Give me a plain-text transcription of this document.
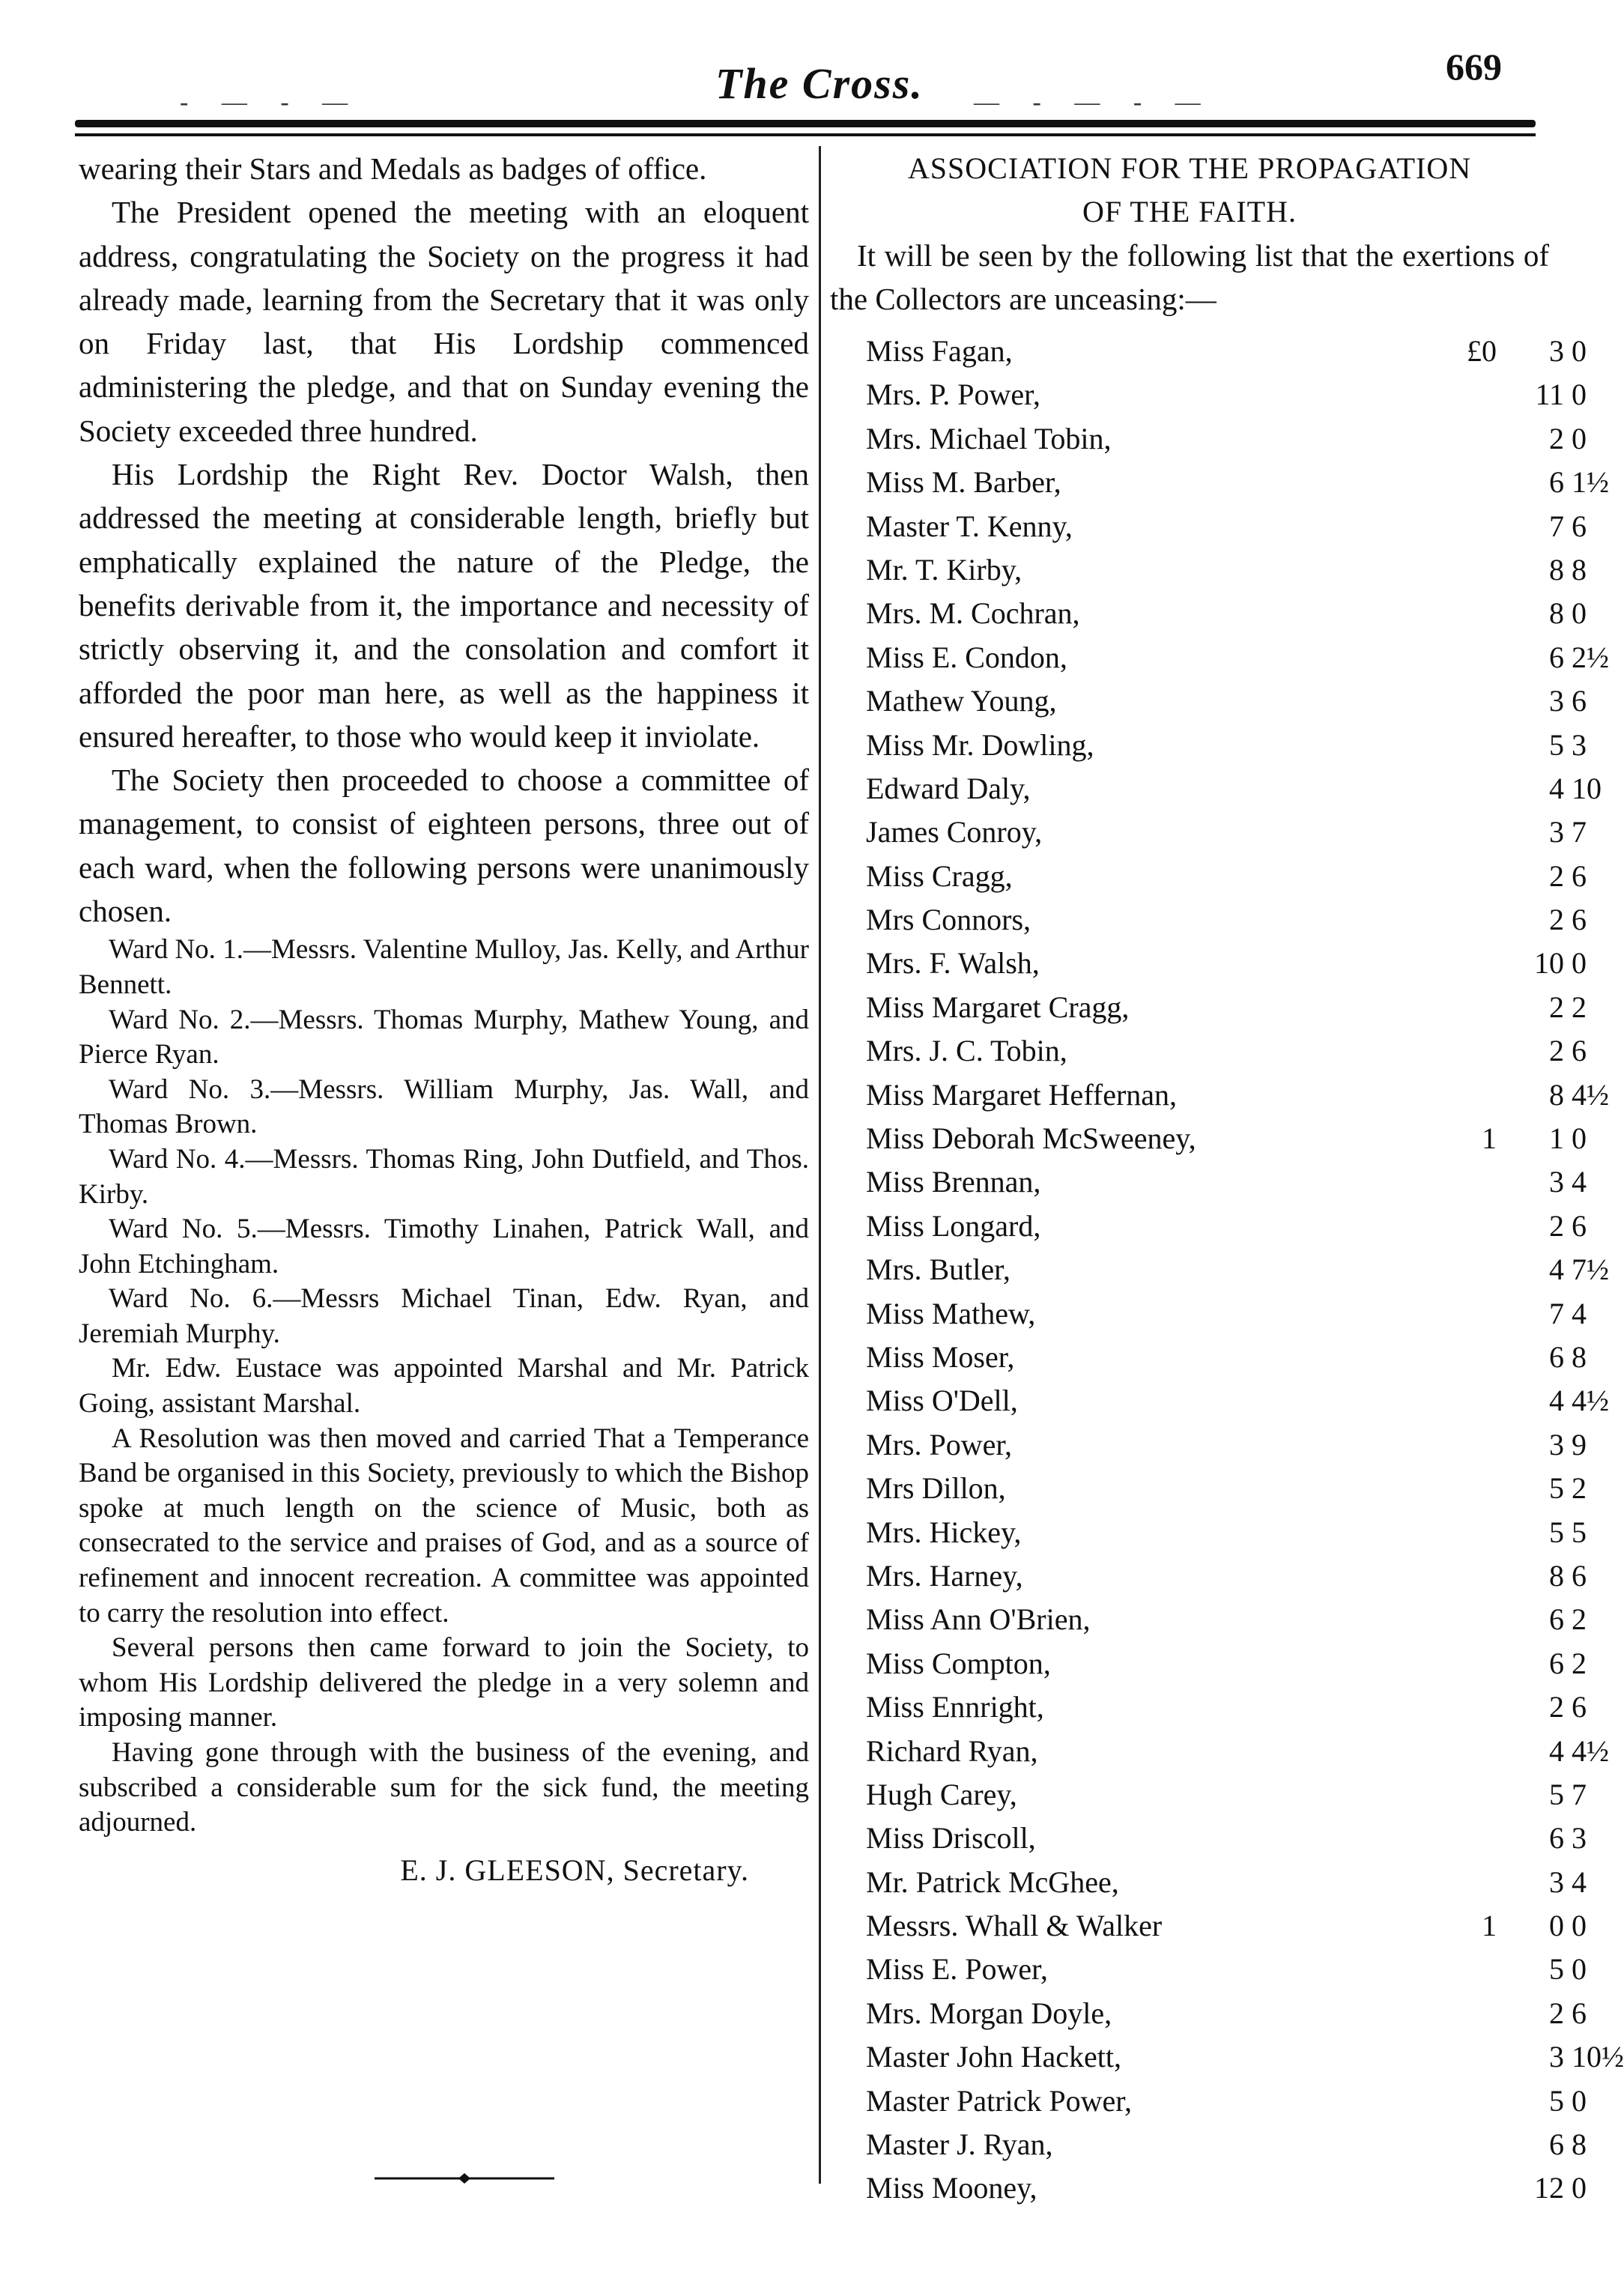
- — - —	— - — - —
The Cross.	669

wearing their Stars and Medals as badges of office.

The President opened the meeting with an eloquent address, congratulating the Society on the progress it had already made, learning from the Secretary that it was only on Friday last, that His Lordship commenced administering the pledge, and that on Sunday evening the Society exceeded three hundred.

His Lordship the Right Rev. Doctor Walsh, then addressed the meeting at considerable length, briefly but emphatically explained the nature of the Pledge, the benefits derivable from it, the importance and necessity of strictly observing it, and the consolation and comfort it afforded the poor man here, as well as the happiness it ensured hereafter, to those who would keep it inviolate.

The Society then proceeded to choose a committee of management, to consist of eighteen persons, three out of each ward, when the following persons were unanimously chosen.

Ward No. 1.—Messrs. Valentine Mulloy, Jas. Kelly, and Arthur Bennett.

Ward No. 2.—Messrs. Thomas Murphy, Mathew Young, and Pierce Ryan.

Ward No. 3.—Messrs. William Murphy, Jas. Wall, and Thomas Brown.

Ward No. 4.—Messrs. Thomas Ring, John Dutfield, and Thos. Kirby.

Ward No. 5.—Messrs. Timothy Linahen, Patrick Wall, and John Etchingham.

Ward No. 6.—Messrs Michael Tinan, Edw. Ryan, and Jeremiah Murphy.

Mr. Edw. Eustace was appointed Marshal and Mr. Patrick Going, assistant Marshal.

A Resolution was then moved and carried That a Temperance Band be organised in this Society, previously to which the Bishop spoke at much length on the science of Music, both as consecrated to the service and praises of God, and as a source of refinement and innocent recreation. A committee was appointed to carry the resolution into effect.

Several persons then came forward to join the Society, to whom His Lordship delivered the pledge in a very solemn and imposing manner.

Having gone through with the business of the evening, and subscribed a considerable sum for the sick fund, the meeting adjourned.

E. J. GLEESON, Secretary.

ASSOCIATION FOR THE PROPAGATION
OF THE FAITH.

It will be seen by the following list that the exertions of the Collectors are unceasing:—

Miss Fagan,	£0	3 0
Mrs. P. Power,	11 0
Mrs. Michael Tobin,	2 0
Miss M. Barber,	6 1½
Master T. Kenny,	7 6
Mr. T. Kirby,	8 8
Mrs. M. Cochran,	8 0
Miss E. Condon,	6 2½
Mathew Young,	3 6
Miss Mr. Dowling,	5 3
Edward Daly,	4 10
James Conroy,	3 7
Miss Cragg,	2 6
Mrs Connors,	2 6
Mrs. F. Walsh,	10 0
Miss Margaret Cragg,	2 2
Mrs. J. C. Tobin,	2 6
Miss Margaret Heffernan,	8 4½
Miss Deborah McSweeney,	1	1 0
Miss Brennan,	3 4
Miss Longard,	2 6
Mrs. Butler,	4 7½
Miss Mathew,	7 4
Miss Moser,	6 8
Miss O'Dell,	4 4½
Mrs. Power,	3 9
Mrs Dillon,	5 2
Mrs. Hickey,	5 5
Mrs. Harney,	8 6
Miss Ann O'Brien,	6 2
Miss Compton,	6 2
Miss Ennright,	2 6
Richard Ryan,	4 4½
Hugh Carey,	5 7
Miss Driscoll,	6 3
Mr. Patrick McGhee,	3 4
Messrs. Whall & Walker	1	0 0
Miss E. Power,	5 0
Mrs. Morgan Doyle,	2 6
Master John Hackett,	3 10½
Master Patrick Power,	5 0
Master J. Ryan,	6 8
Miss Mooney,	12 0
